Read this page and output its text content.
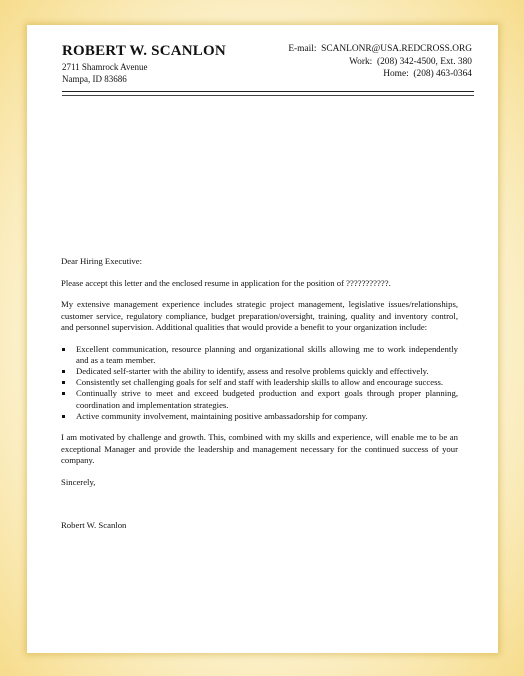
ROBERT W. SCANLON
2711 Shamrock Avenue
Nampa, ID 83686
E-mail: SCANLONR@USA.REDCROSS.ORG
Work: (208) 342-4500, Ext. 380
Home: (208) 463-0364

Dear Hiring Executive:

Please accept this letter and the enclosed resume in application for the position of ???????????.

My extensive management experience includes strategic project management, legislative issues/relationships, customer service, regulatory compliance, budget preparation/oversight, training, quality and inventory control, and personnel supervision. Additional qualities that would provide a benefit to your organization include:

Excellent communication, resource planning and organizational skills allowing me to work independently and as a team member.
Dedicated self-starter with the ability to identify, assess and resolve problems quickly and effectively.
Consistently set challenging goals for self and staff with leadership skills to allow and encourage success.
Continually strive to meet and exceed budgeted production and export goals through proper planning, coordination and implementation strategies.
Active community involvement, maintaining positive ambassadorship for company.

I am motivated by challenge and growth. This, combined with my skills and experience, will enable me to be an exceptional Manager and provide the leadership and management necessary for the continued success of your company.

Sincerely,

Robert W. Scanlon
